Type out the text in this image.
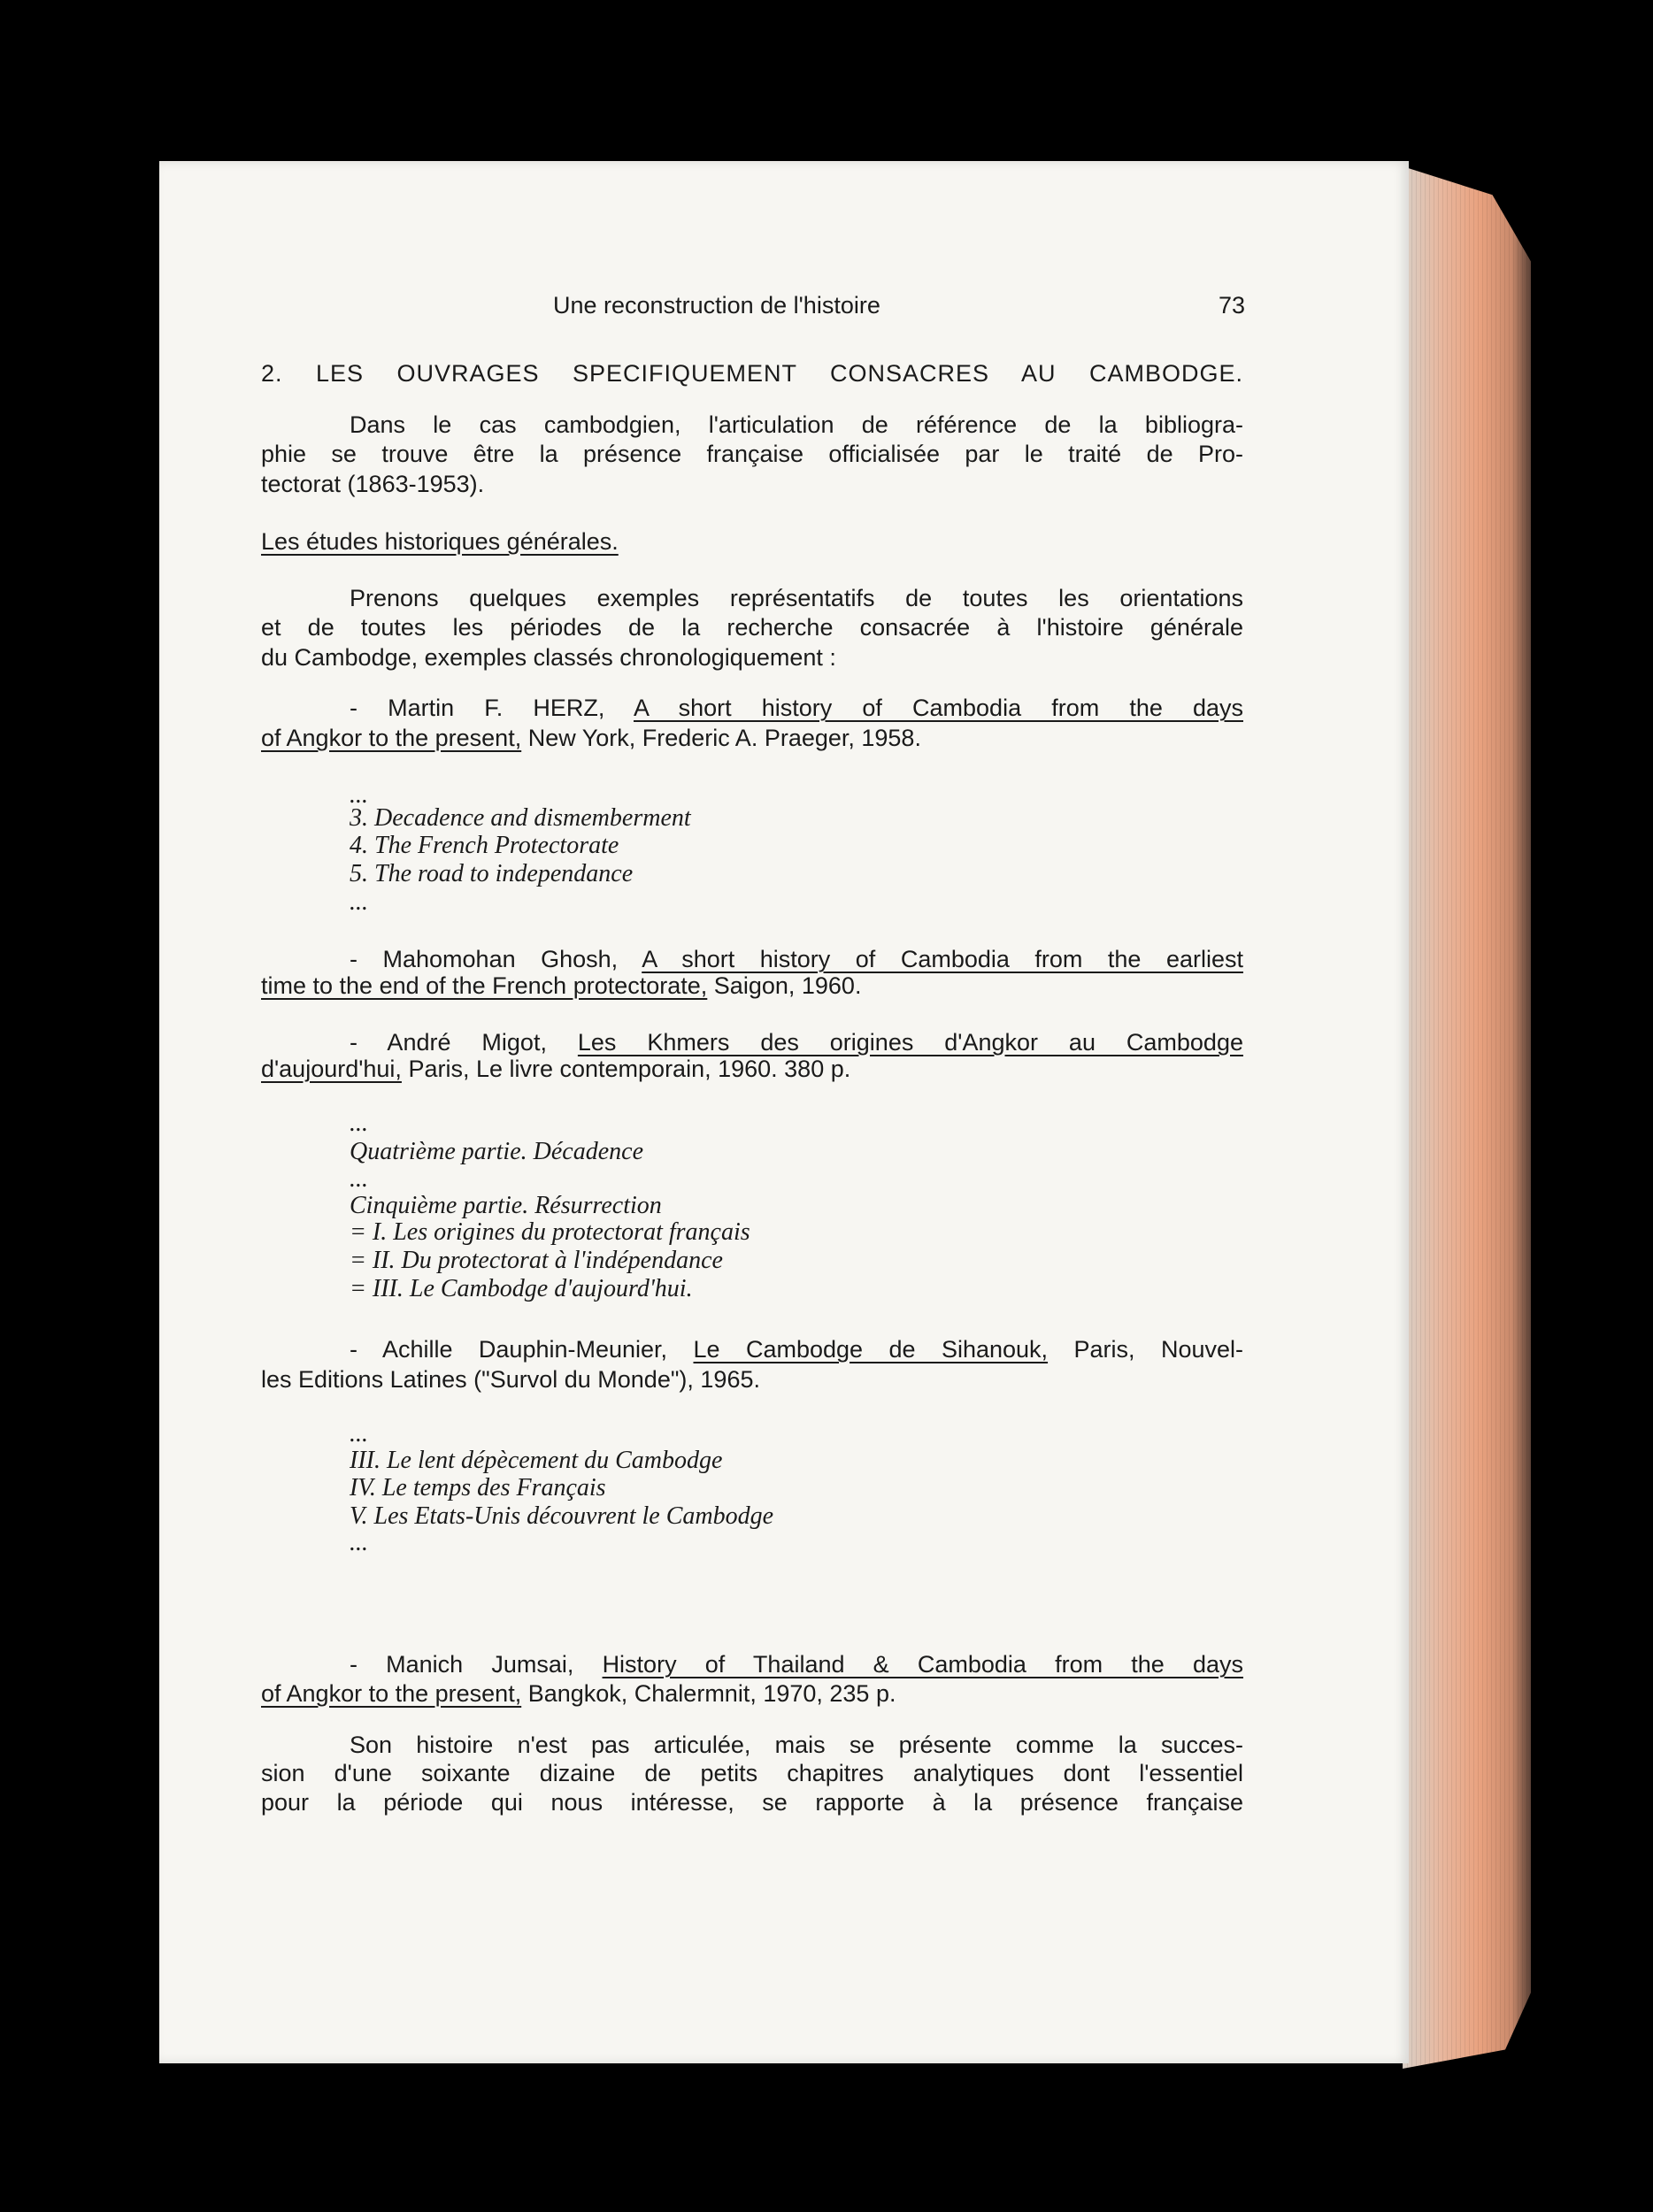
Une reconstruction de l'histoire	73
2. LES OUVRAGES SPECIFIQUEMENT CONSACRES AU CAMBODGE.
Dans le cas cambodgien, l'articulation de référence de la bibliogra-
phie se trouve être la présence française officialisée par le traité de Pro-
tectorat (1863-1953).
Les études historiques générales.
Prenons quelques exemples représentatifs de toutes les orientations
et de toutes les périodes de la recherche consacrée à l'histoire générale
du Cambodge, exemples classés chronologiquement :
- Martin F. HERZ, A short history of Cambodia from the days
of Angkor to the present, New York, Frederic A. Praeger, 1958.
...
3. Decadence and dismemberment
4. The French Protectorate
5. The road to independance
...
- Mahomohan Ghosh, A short history of Cambodia from the earliest
time to the end of the French protectorate, Saigon, 1960.
- André Migot, Les Khmers des origines d'Angkor au Cambodge
d'aujourd'hui, Paris, Le livre contemporain, 1960. 380 p.
...
Quatrième partie. Décadence
...
Cinquième partie. Résurrection
= I. Les origines du protectorat français
= II. Du protectorat à l'indépendance
= III. Le Cambodge d'aujourd'hui.
- Achille Dauphin-Meunier, Le Cambodge de Sihanouk, Paris, Nouvel-
les Editions Latines ("Survol du Monde"), 1965.
...
III. Le lent dépècement du Cambodge
IV. Le temps des Français
V. Les Etats-Unis découvrent le Cambodge
...
- Manich Jumsai, History of Thailand & Cambodia from the days
of Angkor to the present, Bangkok, Chalermnit, 1970, 235 p.
Son histoire n'est pas articulée, mais se présente comme la succes-
sion d'une soixante dizaine de petits chapitres analytiques dont l'essentiel
pour la période qui nous intéresse, se rapporte à la présence française
